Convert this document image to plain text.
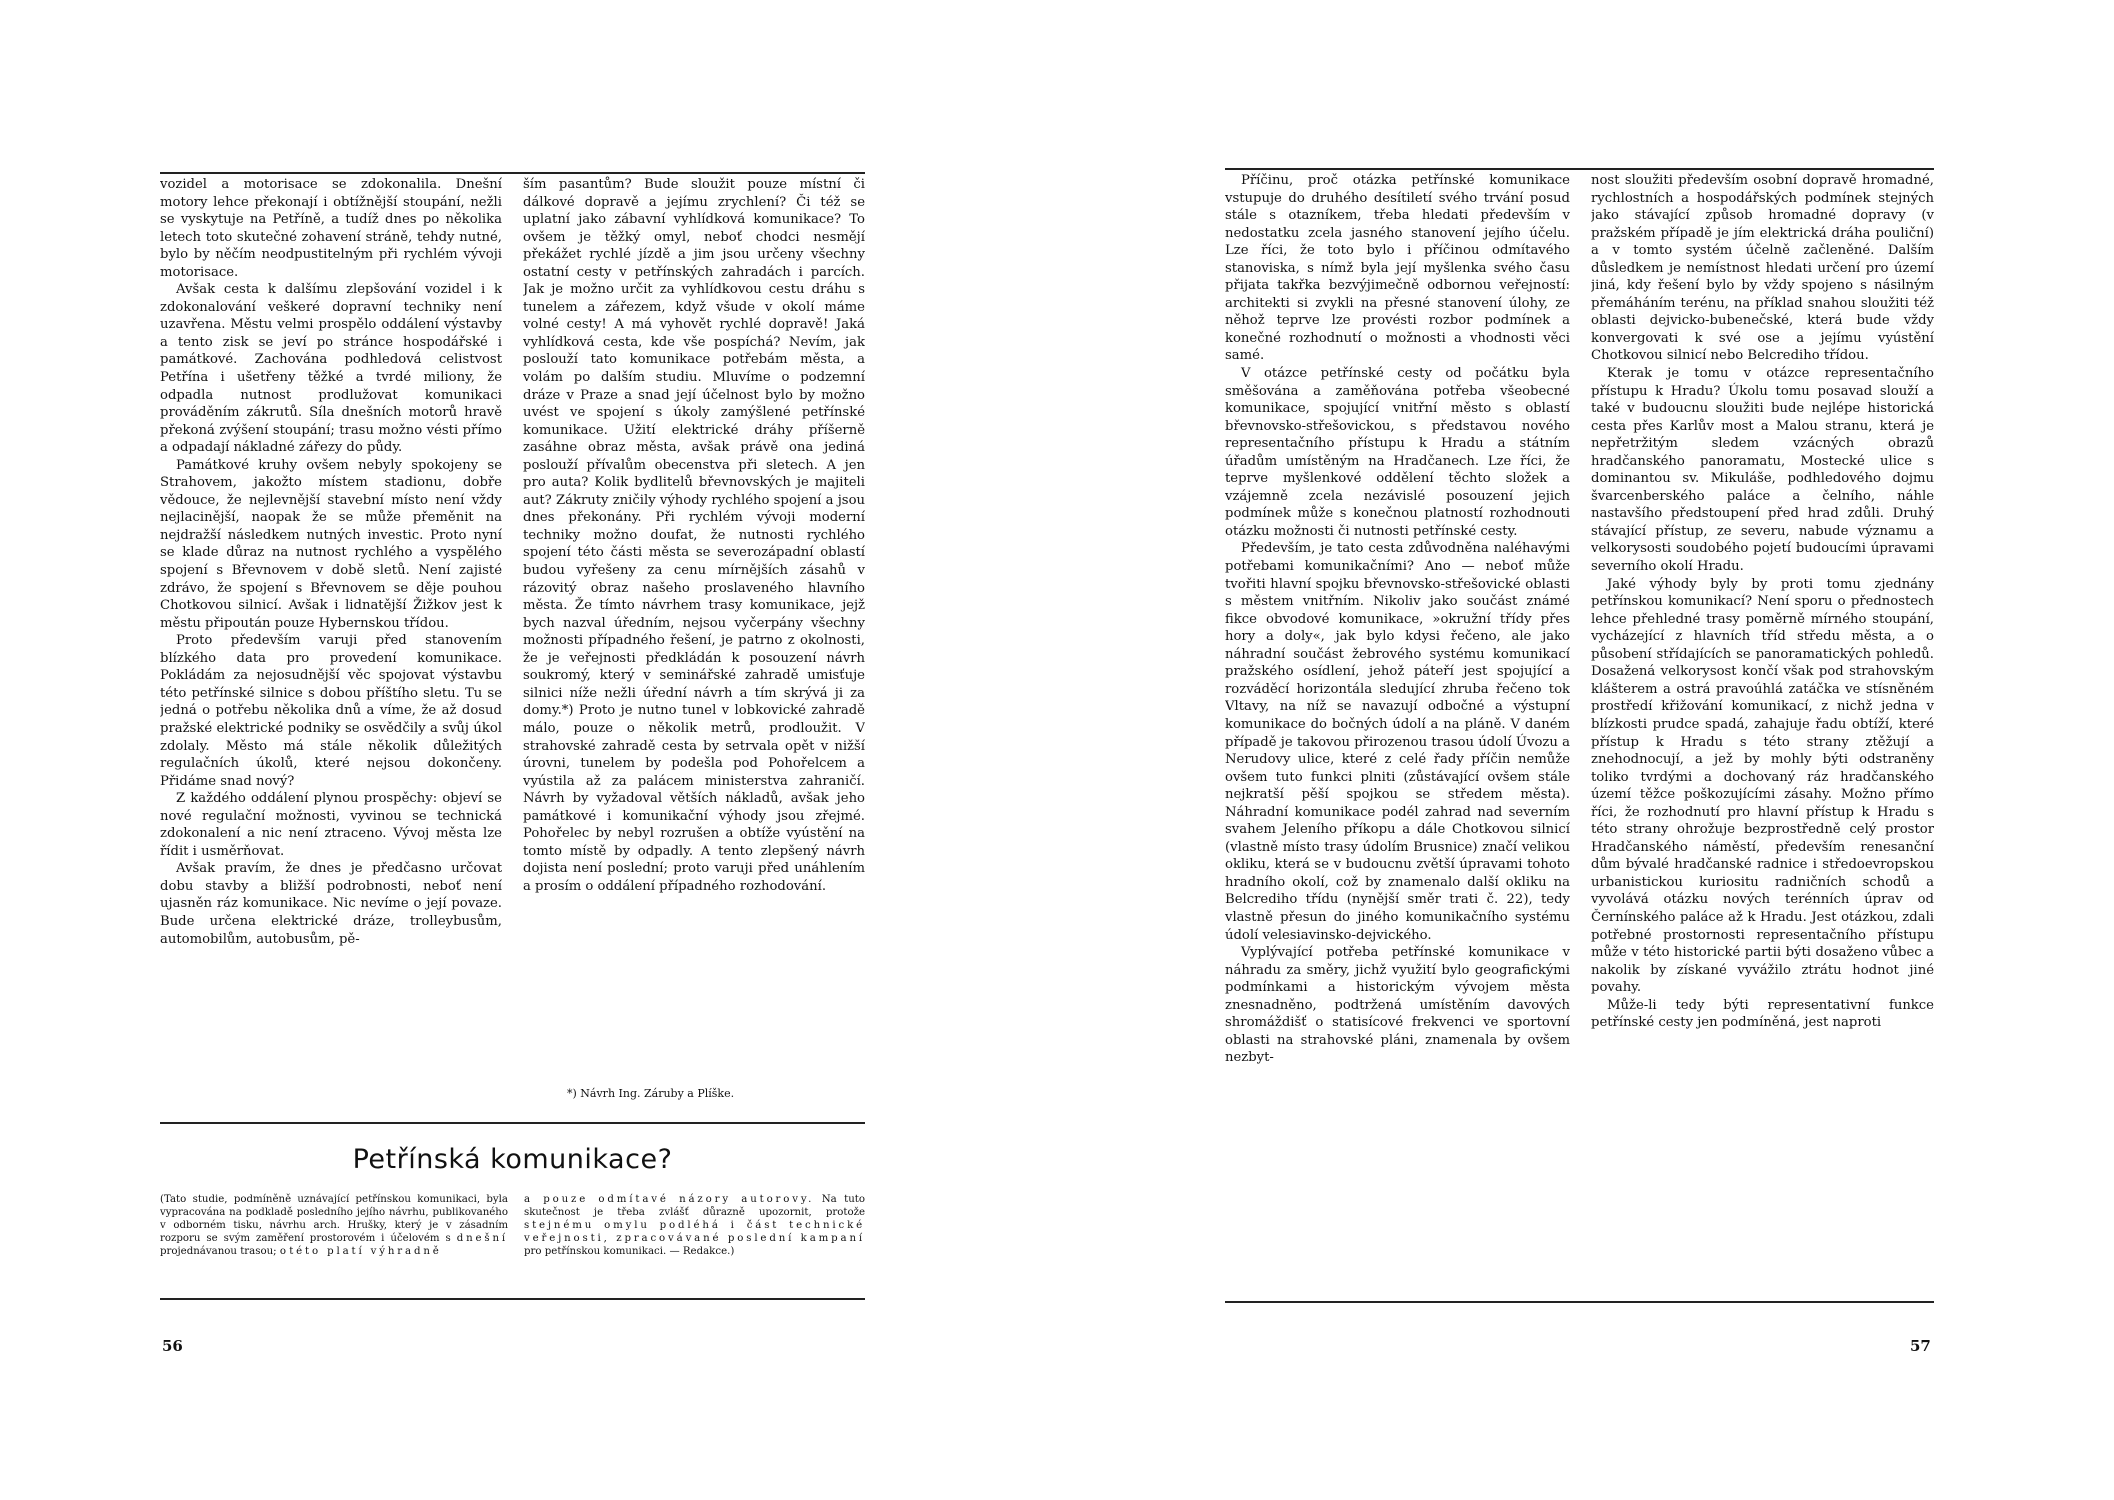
vozidel a motorisace se zdokonalila. Dnešní motory lehce překonají i obtížnější stoupání, nežli se vyskytuje na Petříně, a tudíž dnes po několika letech toto skutečné zohavení stráně, tehdy nutné, bylo by něčím neodpustitelným při rychlém vývoji motorisace.

Avšak cesta k dalšímu zlepšování vozidel i k zdokonalování veškeré dopravní techniky není uzavřena. Městu velmi prospělo oddálení výstavby a tento zisk se jeví po stránce hospodářské i památkové. Zachována podhledová celistvost Petřína i ušetřeny těžké a tvrdé miliony, že odpadla nutnost prodlužovat komunikaci prováděním zákrutů. Síla dnešních motorů hravě překoná zvýšení stoupání; trasu možno vésti přímo a odpadají nákladné zářezy do půdy.

Památkové kruhy ovšem nebyly spokojeny se Strahovem, jakožto místem stadionu, dobře vědouce, že nejlevnější stavební místo není vždy nejlacinější, naopak že se může přeměnit na nejdražší následkem nutných investic. Proto nyní se klade důraz na nutnost rychlého a vyspělého spojení s Břevnovem v době sletů. Není zajisté zdrávo, že spojení s Břevnovem se děje pouhou Chotkovou silnicí. Avšak i lidnatější Žižkov jest k městu připoután pouze Hybernskou třídou.

Proto především varuji před stanovením blízkého data pro provedení komunikace. Pokládám za nejosudnější věc spojovat výstavbu této petřínské silnice s dobou příštího sletu. Tu se jedná o potřebu několika dnů a víme, že až dosud pražské elektrické podniky se osvědčily a svůj úkol zdolaly. Město má stále několik důležitých regulačních úkolů, které nejsou dokončeny. Přidáme snad nový?

Z každého oddálení plynou prospěchy: objeví se nové regulační možnosti, vyvinou se technická zdokonalení a nic není ztraceno. Vývoj města lze řídit i usměrňovat.

Avšak pravím, že dnes je předčasno určovat dobu stavby a bližší podrobnosti, neboť není ujasněn ráz komunikace. Nic nevíme o její povaze. Bude určena elektrické dráze, trolleybusům, automobilům, autobusům, pě-

ším pasantům? Bude sloužit pouze místní či dálkové dopravě a jejímu zrychlení? Či též se uplatní jako zábavní vyhlídková komunikace? To ovšem je těžký omyl, neboť chodci nesmějí překážet rychlé jízdě a jim jsou určeny všechny ostatní cesty v petřínských zahradách i parcích. Jak je možno určit za vyhlídkovou cestu dráhu s tunelem a zářezem, když všude v okolí máme volné cesty! A má vyhovět rychlé dopravě! Jaká vyhlídková cesta, kde vše pospíchá? Nevím, jak poslouží tato komunikace potřebám města, a volám po dalším studiu. Mluvíme o podzemní dráze v Praze a snad její účelnost bylo by možno uvést ve spojení s úkoly zamýšlené petřínské komunikace. Užití elektrické dráhy příšerně zasáhne obraz města, avšak právě ona jediná poslouží přívalům obecenstva při sletech. A jen pro auta? Kolik bydlitelů břevnovských je majiteli aut? Zákruty zničily výhody rychlého spojení a jsou dnes překonány. Při rychlém vývoji moderní techniky možno doufat, že nutnosti rychlého spojení této části města se severozápadní oblastí budou vyřešeny za cenu mírnějších zásahů v rázovitý obraz našeho proslaveného hlavního města. Že tímto návrhem trasy komunikace, jejž bych nazval úředním, nejsou vyčerpány všechny možnosti případného řešení, je patrno z okolnosti, že je veřejnosti předkládán k posouzení návrh soukromý, který v seminářské zahradě umisťuje silnici níže nežli úřední návrh a tím skrývá ji za domy.*) Proto je nutno tunel v lobkovické zahradě málo, pouze o několik metrů, prodloužit. V strahovské zahradě cesta by setrvala opět v nižší úrovni, tunelem by podešla pod Pohořelcem a vyústila až za palácem ministerstva zahraničí. Návrh by vyžadoval větších nákladů, avšak jeho památkové i komunikační výhody jsou zřejmé. Pohořelec by nebyl rozrušen a obtíže vyústění na tomto místě by odpadly. A tento zlepšený návrh dojista není poslední; proto varuji před unáhlením a prosím o oddálení případného rozhodování.

*) Návrh Ing. Záruby a Plíške.
Petřínská komunikace?

(Tato studie, podmíněně uznávající petřínskou komunikaci, byla vypracována na podkladě posledního jejího návrhu, publikovaného v odborném tisku, návrhu arch. Hrušky, který je v zásadním rozporu se svým zaměření prostorovém i účelovém s dnešní projednávanou trasou; o této platí výhradně

a pouze odmítavé názory autorovy. Na tuto skutečnost je třeba zvlášť důrazně upozornit, protože stejnému omylu podléhá i část technické veřejnosti, zpracovávané poslední kampaní pro petřínskou komunikaci. — Redakce.)

56

Příčinu, proč otázka petřínské komunikace vstupuje do druhého desítiletí svého trvání posud stále s otazníkem, třeba hledati především v nedostatku zcela jasného stanovení jejího účelu. Lze říci, že toto bylo i příčinou odmítavého stanoviska, s nímž byla její myšlenka svého času přijata takřka bezvýjimečně odbornou veřejností: architekti si zvykli na přesné stanovení úlohy, ze něhož teprve lze provésti rozbor podmínek a konečné rozhodnutí o možnosti a vhodnosti věci samé.

V otázce petřínské cesty od počátku byla směšována a zaměňována potřeba všeobecné komunikace, spojující vnitřní město s oblastí břevnovsko-střešovickou, s představou nového representačního přístupu k Hradu a státním úřadům umístěným na Hradčanech. Lze říci, že teprve myšlenkové oddělení těchto složek a vzájemně zcela nezávislé posouzení jejich podmínek může s konečnou platností rozhodnouti otázku možnosti či nutnosti petřínské cesty.

Především, je tato cesta zdůvodněna naléhavými potřebami komunikačními? Ano — neboť může tvořiti hlavní spojku břevnovsko-střešovické oblasti s městem vnitřním. Nikoliv jako součást známé fikce obvodové komunikace, »okružní třídy přes hory a doly«, jak bylo kdysi řečeno, ale jako náhradní součást žebrového systému komunikací pražského osídlení, jehož páteří jest spojující a rozváděcí horizontála sledující zhruba řečeno tok Vltavy, na níž se navazují odbočné a výstupní komunikace do bočných údolí a na pláně. V daném případě je takovou přirozenou trasou údolí Úvozu a Nerudovy ulice, které z celé řady příčin nemůže ovšem tuto funkci plniti (zůstávající ovšem stále nejkratší pěší spojkou se středem města). Náhradní komunikace podél zahrad nad severním svahem Jeleního příkopu a dále Chotkovou silnicí (vlastně místo trasy údolím Brusnice) značí velikou okliku, která se v budoucnu zvětší úpravami tohoto hradního okolí, což by znamenalo další okliku na Belcrediho třídu (nynější směr trati č. 22), tedy vlastně přesun do jiného komunikačního systému údolí velesiavinsko-dejvického.

Vyplývající potřeba petřínské komunikace v náhradu za směry, jichž využití bylo geografickými podmínkami a historickým vývojem města znesnadněno, podtržená umístěním davových shromáždišť o statisícové frekvenci ve sportovní oblasti na strahovské pláni, znamenala by ovšem nezbyt-

nost sloužiti především osobní dopravě hromadné, rychlostních a hospodářských podmínek stejných jako stávající způsob hromadné dopravy (v pražském případě je jím elektrická dráha pouliční) a v tomto systém účelně začleněné. Dalším důsledkem je nemístnost hledati určení pro území jiná, kdy řešení bylo by vždy spojeno s násilným přemáháním terénu, na příklad snahou sloužiti též oblasti dejvicko-bubenečské, která bude vždy konvergovati k své ose a jejímu vyústění Chotkovou silnicí nebo Belcrediho třídou.

Kterak je tomu v otázce representačního přístupu k Hradu? Úkolu tomu posavad slouží a také v budoucnu sloužiti bude nejlépe historická cesta přes Karlův most a Malou stranu, která je nepřetržitým sledem vzácných obrazů hradčanského panoramatu, Mostecké ulice s dominantou sv. Mikuláše, podhledového dojmu švarcenberského paláce a čelního, náhle nastavšího předstoupení před hrad zdůli. Druhý stávající přístup, ze severu, nabude významu a velkorysosti soudobého pojetí budoucími úpravami severního okolí Hradu.

Jaké výhody byly by proti tomu zjednány petřínskou komunikací? Není sporu o přednostech lehce přehledné trasy poměrně mírného stoupání, vycházející z hlavních tříd středu města, a o působení střídajících se panoramatických pohledů. Dosažená velkorysost končí však pod strahovským klášterem a ostrá pravoúhlá zatáčka ve stísněném prostředí křižování komunikací, z nichž jedna v blízkosti prudce spadá, zahajuje řadu obtíží, které přístup k Hradu s této strany ztěžují a znehodnocují, a jež by mohly býti odstraněny toliko tvrdými a dochovaný ráz hradčanského území těžce poškozujícími zásahy. Možno přímo říci, že rozhodnutí pro hlavní přístup k Hradu s této strany ohrožuje bezprostředně celý prostor Hradčanského náměstí, především renesanční dům bývalé hradčanské radnice i středoevropskou urbanistickou kuriositu radničních schodů a vyvolává otázku nových terénních úprav od Černínského paláce až k Hradu. Jest otázkou, zdali potřebné prostornosti representačního přístupu může v této historické partii býti dosaženo vůbec a nakolik by získané vyvážilo ztrátu hodnot jiné povahy.

Může-li tedy býti representativní funkce petřínské cesty jen podmíněná, jest naproti

57
